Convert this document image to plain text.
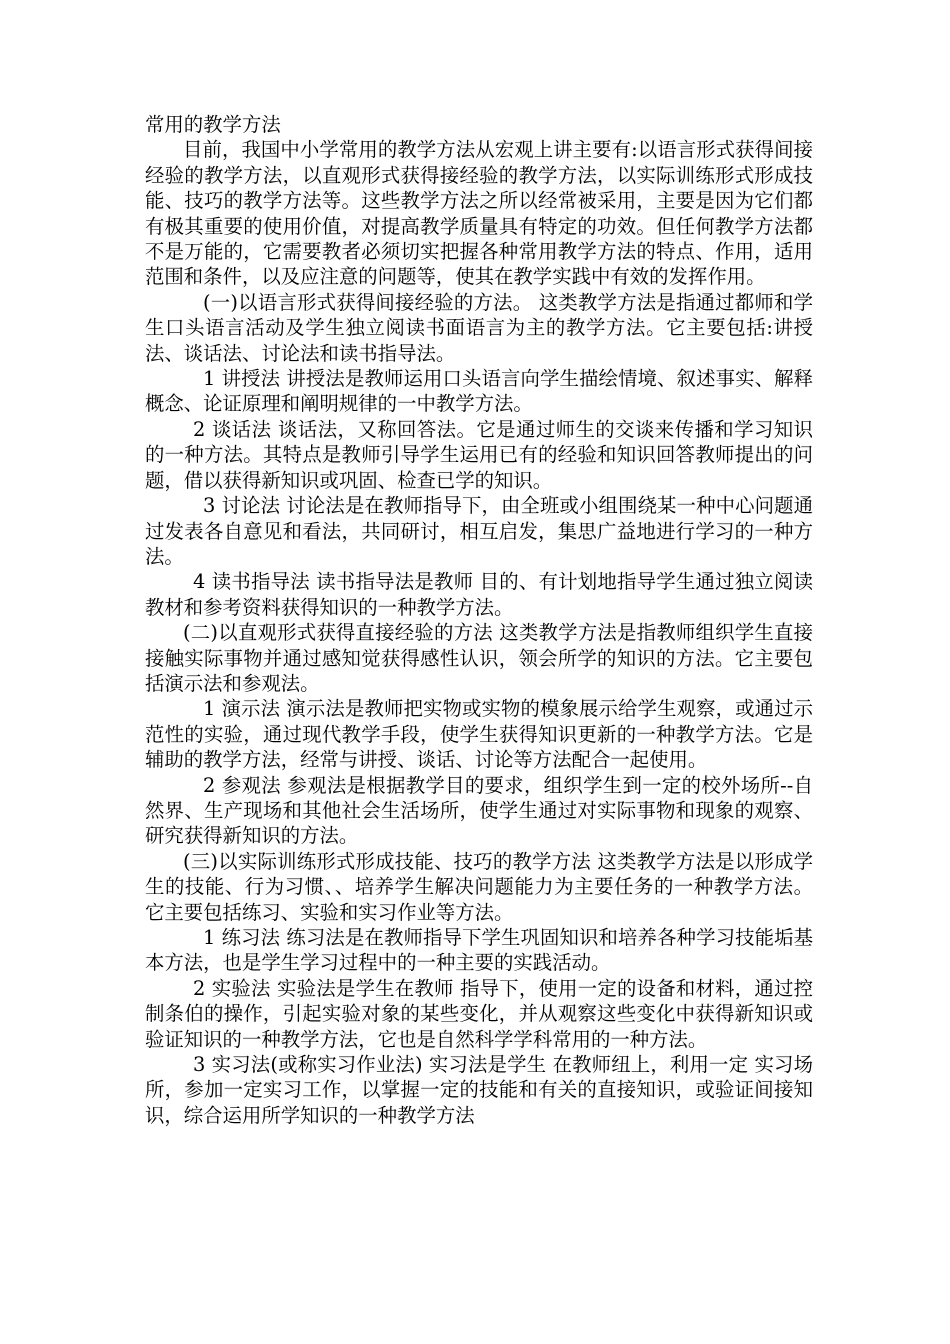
常用的教学方法

目前，我国中小学常用的教学方法从宏观上讲主要有:以语言形式获得间接经验的教学方法，以直观形式获得接经验的教学方法，以实际训练形式形成技能、技巧的教学方法等。这些教学方法之所以经常被采用，主要是因为它们都有极其重要的使用价值，对提高教学质量具有特定的功效。但任何教学方法都不是万能的，它需要教者必须切实把握各种常用教学方法的特点、作用，适用范围和条件，以及应注意的问题等，使其在教学实践中有效的发挥作用。

(一)以语言形式获得间接经验的方法。 这类教学方法是指通过都师和学生口头语言活动及学生独立阅读书面语言为主的教学方法。它主要包括:讲授法、谈话法、讨论法和读书指导法。

1 讲授法 讲授法是教师运用口头语言向学生描绘情境、叙述事实、解释概念、论证原理和阐明规律的一中教学方法。

2 谈话法 谈话法，又称回答法。它是通过师生的交谈来传播和学习知识的一种方法。其特点是教师引导学生运用已有的经验和知识回答教师提出的问题，借以获得新知识或巩固、检查已学的知识。

3 讨论法 讨论法是在教师指导下，由全班或小组围绕某一种中心问题通过发表各自意见和看法，共同研讨，相互启发，集思广益地进行学习的一种方法。

4 读书指导法 读书指导法是教师 目的、有计划地指导学生通过独立阅读教材和参考资料获得知识的一种教学方法。

(二)以直观形式获得直接经验的方法 这类教学方法是指教师组织学生直接接触实际事物并通过感知觉获得感性认识，领会所学的知识的方法。它主要包括演示法和参观法。

1 演示法 演示法是教师把实物或实物的模象展示给学生观察，或通过示范性的实验，通过现代教学手段，使学生获得知识更新的一种教学方法。它是辅助的教学方法，经常与讲授、谈话、讨论等方法配合一起使用。

2 参观法 参观法是根据教学目的要求，组织学生到一定的校外场所--自然界、生产现场和其他社会生活场所，使学生通过对实际事物和现象的观察、研究获得新知识的方法。

(三)以实际训练形式形成技能、技巧的教学方法 这类教学方法是以形成学生的技能、行为习惯、、培养学生解决问题能力为主要任务的一种教学方法。它主要包括练习、实验和实习作业等方法。

1 练习法 练习法是在教师指导下学生巩固知识和培养各种学习技能垢基本方法，也是学生学习过程中的一种主要的实践活动。

2 实验法 实验法是学生在教师 指导下，使用一定的设备和材料，通过控制条伯的操作，引起实验对象的某些变化，并从观察这些变化中获得新知识或验证知识的一种教学方法，它也是自然科学学科常用的一种方法。

3 实习法(或称实习作业法) 实习法是学生 在教师纽上，利用一定 实习场所，参加一定实习工作，以掌握一定的技能和有关的直接知识，或验证间接知识，综合运用所学知识的一种教学方法
